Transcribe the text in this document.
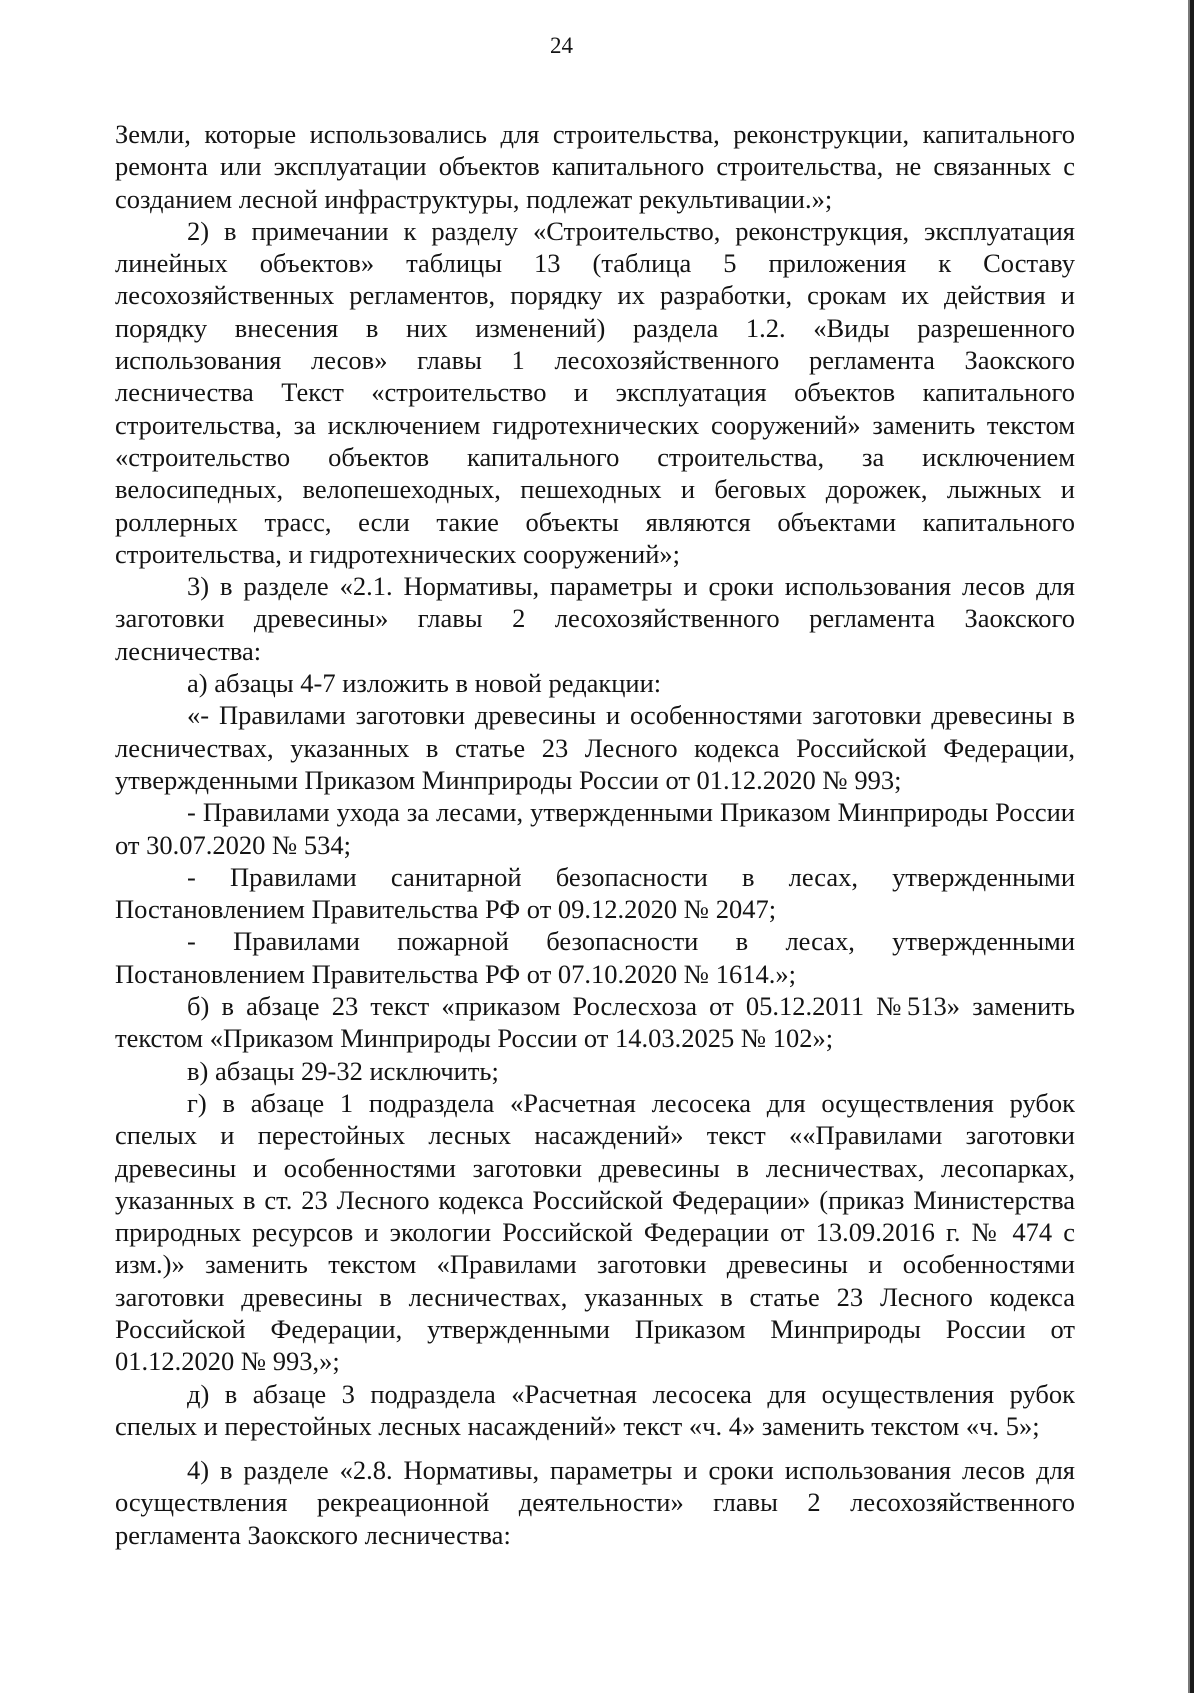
24

Земли, которые использовались для строительства, реконструкции, капитального ремонта или эксплуатации объектов капитального строительства, не связанных с созданием лесной инфраструктуры, подлежат рекультивации.»;

2) в примечании к разделу «Строительство, реконструкция, эксплуатация линейных объектов» таблицы 13 (таблица 5 приложения к Составу лесохозяйственных регламентов, порядку их разработки, срокам их действия и порядку внесения в них изменений) раздела 1.2. «Виды разрешенного использования лесов» главы 1 лесохозяйственного регламента Заокского лесничества Текст «строительство и эксплуатация объектов капитального строительства, за исключением гидротехнических сооружений» заменить текстом «строительство объектов капитального строительства, за исключением велосипедных, велопешеходных, пешеходных и беговых дорожек, лыжных и роллерных трасс, если такие объекты являются объектами капитального строительства, и гидротехнических сооружений»;

3) в разделе «2.1. Нормативы, параметры и сроки использования лесов для заготовки древесины» главы 2 лесохозяйственного регламента Заокского лесничества:

а) абзацы 4-7 изложить в новой редакции:

«- Правилами заготовки древесины и особенностями заготовки древесины в лесничествах, указанных в статье 23 Лесного кодекса Российской Федерации, утвержденными Приказом Минприроды России от 01.12.2020 № 993;

- Правилами ухода за лесами, утвержденными Приказом Минприроды России от 30.07.2020 № 534;

- Правилами санитарной безопасности в лесах, утвержденными Постановлением Правительства РФ от 09.12.2020 № 2047;

- Правилами пожарной безопасности в лесах, утвержденными Постановлением Правительства РФ от 07.10.2020 № 1614.»;

б) в абзаце 23 текст «приказом Рослесхоза от 05.12.2011 №513» заменить текстом «Приказом Минприроды России от 14.03.2025 № 102»;

в) абзацы 29-32 исключить;

г) в абзаце 1 подраздела «Расчетная лесосека для осуществления рубок спелых и перестойных лесных насаждений» текст ««Правилами заготовки древесины и особенностями заготовки древесины в лесничествах, лесопарках, указанных в ст. 23 Лесного кодекса Российской Федерации» (приказ Министерства природных ресурсов и экологии Российской Федерации от 13.09.2016 г. № 474 с изм.)» заменить текстом «Правилами заготовки древесины и особенностями заготовки древесины в лесничествах, указанных в статье 23 Лесного кодекса Российской Федерации, утвержденными Приказом Минприроды России от 01.12.2020 № 993,»;

д) в абзаце 3 подраздела «Расчетная лесосека для осуществления рубок спелых и перестойных лесных насаждений» текст «ч. 4» заменить текстом «ч. 5»;

4) в разделе «2.8. Нормативы, параметры и сроки использования лесов для осуществления рекреационной деятельности» главы 2 лесохозяйственного регламента Заокского лесничества:
